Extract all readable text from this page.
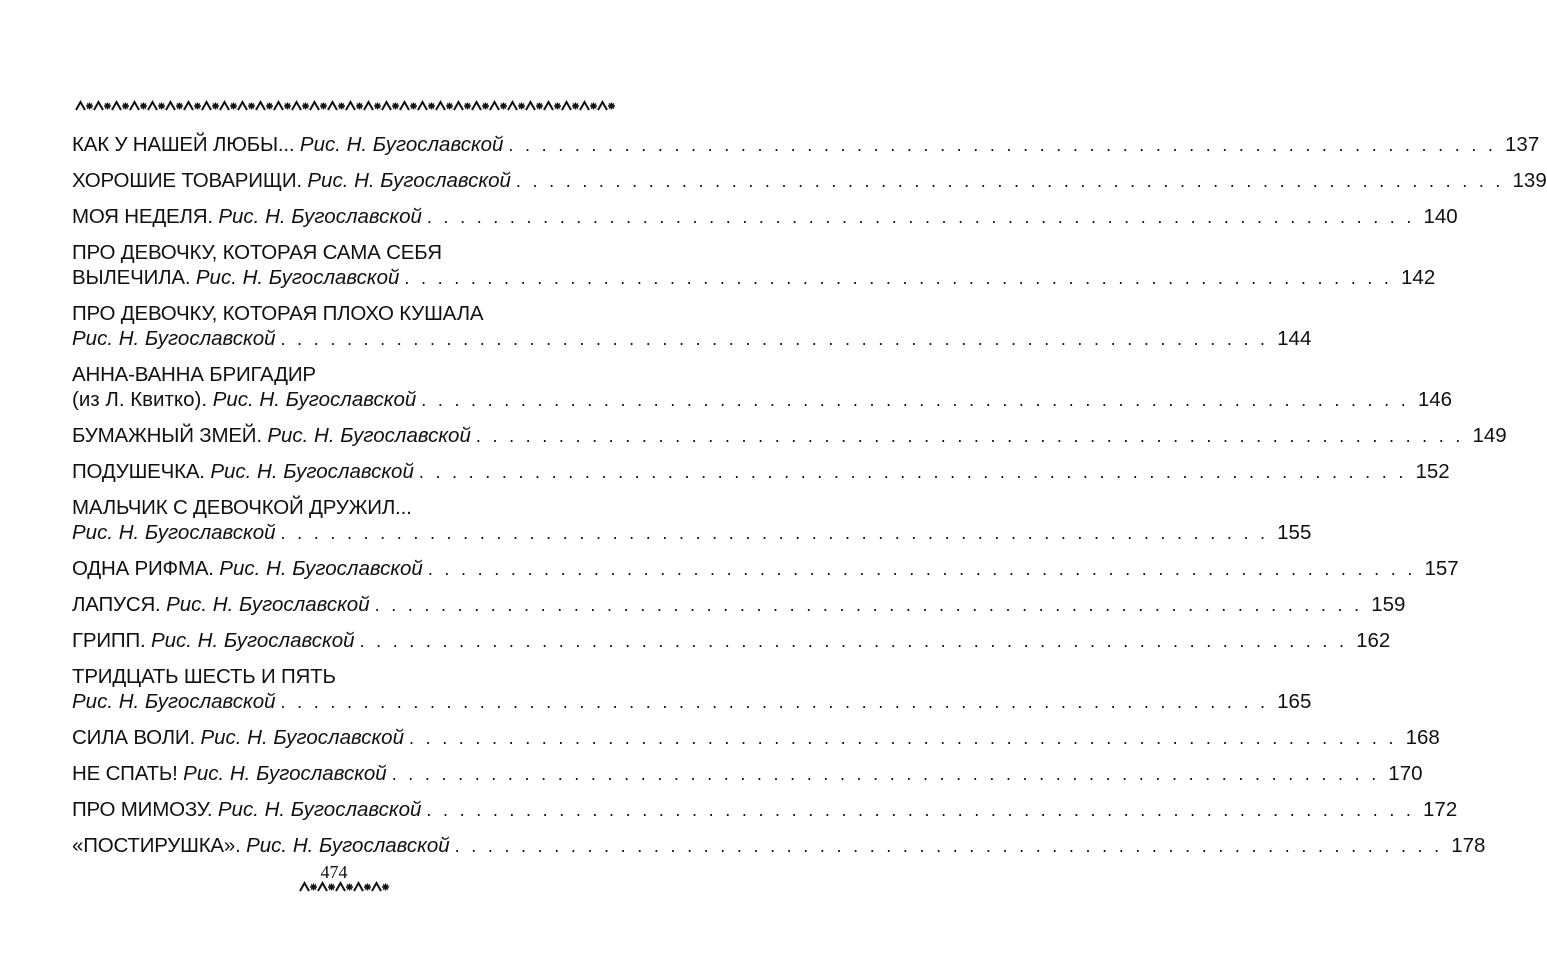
КАК У НАШЕЙ ЛЮБЫ... Рис. Н. Бугославской . . . . . . . . . . . . . . . . . . . . . . . . . . . . . . . . . . . . . . . . . . . . . . . . . . . . . . . . . . . . 137
ХОРОШИЕ ТОВАРИЩИ. Рис. Н. Бугославской . . . . . . . . . . . . . . . . . . . . . . . . . . . . . . . . . . . . . . . . . . . . . . . . . . . . . . . . . . . . 139
МОЯ НЕДЕЛЯ. Рис. Н. Бугославской . . . . . . . . . . . . . . . . . . . . . . . . . . . . . . . . . . . . . . . . . . . . . . . . . . . . . . . . . . . . 140
ПРО ДЕВОЧКУ, КОТОРАЯ САМА СЕБЯ
ВЫЛЕЧИЛА. Рис. Н. Бугославской . . . . . . . . . . . . . . . . . . . . . . . . . . . . . . . . . . . . . . . . . . . . . . . . . . . . . . . . . . . . 142
ПРО ДЕВОЧКУ, КОТОРАЯ ПЛОХО КУШАЛА
Рис. Н. Бугославской . . . . . . . . . . . . . . . . . . . . . . . . . . . . . . . . . . . . . . . . . . . . . . . . . . . . . . . . . . . . 144
АННА-ВАННА БРИГАДИР
(из Л. Квитко). Рис. Н. Бугославской . . . . . . . . . . . . . . . . . . . . . . . . . . . . . . . . . . . . . . . . . . . . . . . . . . . . . . . . . . . . 146
БУМАЖНЫЙ ЗМЕЙ. Рис. Н. Бугославской . . . . . . . . . . . . . . . . . . . . . . . . . . . . . . . . . . . . . . . . . . . . . . . . . . . . . . . . . . . . 149
ПОДУШЕЧКА. Рис. Н. Бугославской . . . . . . . . . . . . . . . . . . . . . . . . . . . . . . . . . . . . . . . . . . . . . . . . . . . . . . . . . . . . 152
МАЛЬЧИК С ДЕВОЧКОЙ ДРУЖИЛ...
Рис. Н. Бугославской . . . . . . . . . . . . . . . . . . . . . . . . . . . . . . . . . . . . . . . . . . . . . . . . . . . . . . . . . . . . 155
ОДНА РИФМА. Рис. Н. Бугославской . . . . . . . . . . . . . . . . . . . . . . . . . . . . . . . . . . . . . . . . . . . . . . . . . . . . . . . . . . . . 157
ЛАПУСЯ. Рис. Н. Бугославской . . . . . . . . . . . . . . . . . . . . . . . . . . . . . . . . . . . . . . . . . . . . . . . . . . . . . . . . . . . . 159
ГРИПП. Рис. Н. Бугославской . . . . . . . . . . . . . . . . . . . . . . . . . . . . . . . . . . . . . . . . . . . . . . . . . . . . . . . . . . . . 162
ТРИДЦАТЬ ШЕСТЬ И ПЯТЬ
Рис. Н. Бугославской . . . . . . . . . . . . . . . . . . . . . . . . . . . . . . . . . . . . . . . . . . . . . . . . . . . . . . . . . . . . 165
СИЛА ВОЛИ. Рис. Н. Бугославской . . . . . . . . . . . . . . . . . . . . . . . . . . . . . . . . . . . . . . . . . . . . . . . . . . . . . . . . . . . . 168
НЕ СПАТЬ! Рис. Н. Бугославской . . . . . . . . . . . . . . . . . . . . . . . . . . . . . . . . . . . . . . . . . . . . . . . . . . . . . . . . . . . . 170
ПРО МИМОЗУ. Рис. Н. Бугославской . . . . . . . . . . . . . . . . . . . . . . . . . . . . . . . . . . . . . . . . . . . . . . . . . . . . . . . . . . . . 172
«ПОСТИРУШКА». Рис. Н. Бугославской . . . . . . . . . . . . . . . . . . . . . . . . . . . . . . . . . . . . . . . . . . . . . . . . . . . . . . . . . . . . 178
474
